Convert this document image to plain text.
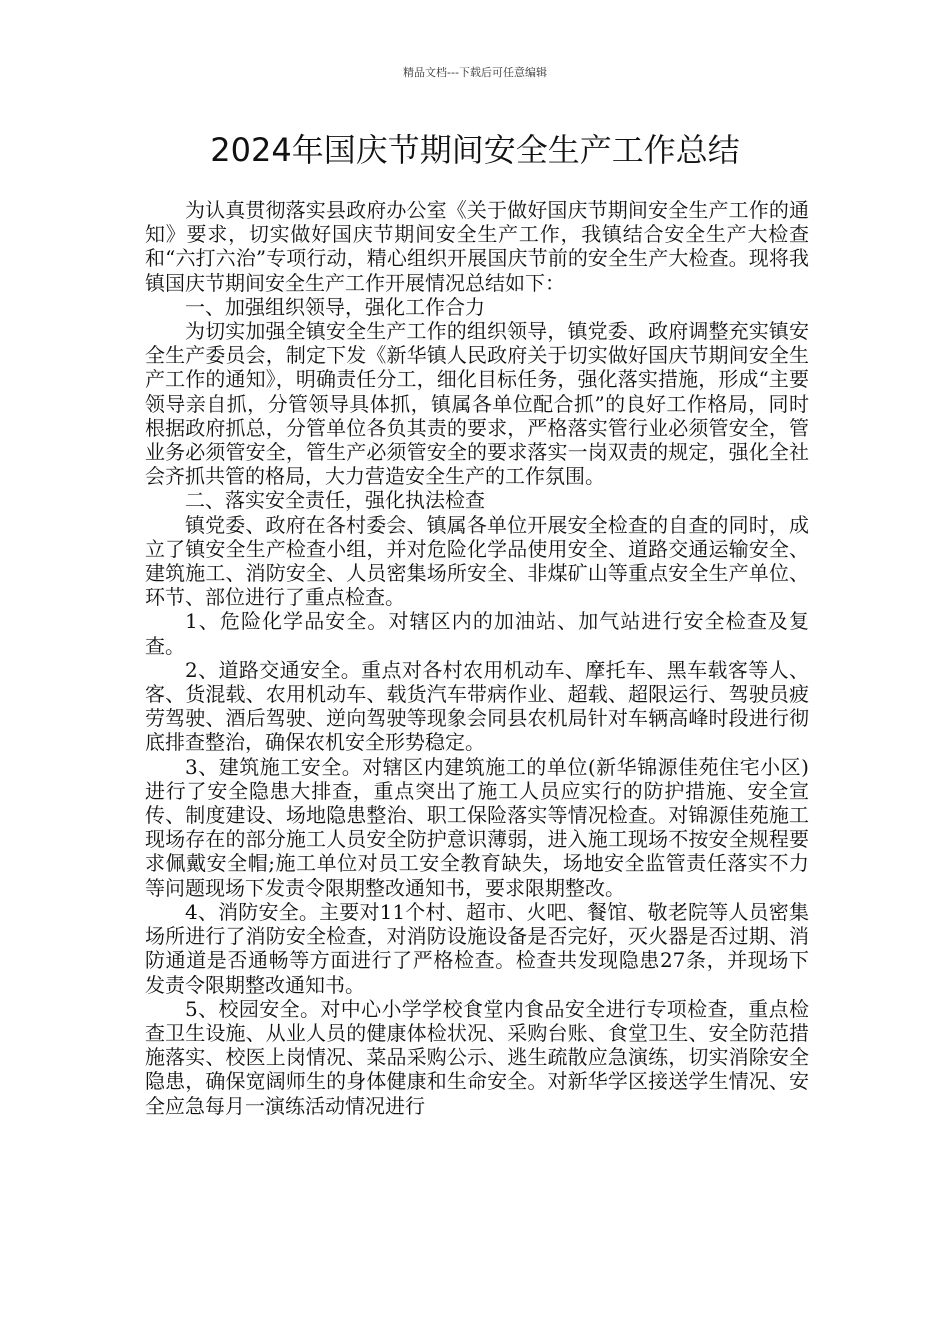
精品文档---下载后可任意编辑
2024年国庆节期间安全生产工作总结

为认真贯彻落实县政府办公室《关于做好国庆节期间安全生产工作的通知》要求，切实做好国庆节期间安全生产工作，我镇结合安全生产大检查和“六打六治”专项行动，精心组织开展国庆节前的安全生产大检查。现将我镇国庆节期间安全生产工作开展情况总结如下：

一、加强组织领导，强化工作合力

为切实加强全镇安全生产工作的组织领导，镇党委、政府调整充实镇安全生产委员会，制定下发《新华镇人民政府关于切实做好国庆节期间安全生产工作的通知》，明确责任分工，细化目标任务，强化落实措施，形成“主要领导亲自抓，分管领导具体抓，镇属各单位配合抓”的良好工作格局，同时根据政府抓总，分管单位各负其责的要求，严格落实管行业必须管安全，管业务必须管安全，管生产必须管安全的要求落实一岗双责的规定，强化全社会齐抓共管的格局，大力营造安全生产的工作氛围。

二、落实安全责任，强化执法检查

镇党委、政府在各村委会、镇属各单位开展安全检查的自查的同时，成立了镇安全生产检查小组，并对危险化学品使用安全、道路交通运输安全、建筑施工、消防安全、人员密集场所安全、非煤矿山等重点安全生产单位、环节、部位进行了重点检查。

1、危险化学品安全。对辖区内的加油站、加气站进行安全检查及复查。

2、道路交通安全。重点对各村农用机动车、摩托车、黑车载客等人、客、货混载、农用机动车、载货汽车带病作业、超载、超限运行、驾驶员疲劳驾驶、酒后驾驶、逆向驾驶等现象会同县农机局针对车辆高峰时段进行彻底排查整治，确保农机安全形势稳定。

3、建筑施工安全。对辖区内建筑施工的单位(新华锦源佳苑住宅小区)进行了安全隐患大排查，重点突出了施工人员应实行的防护措施、安全宣传、制度建设、场地隐患整治、职工保险落实等情况检查。对锦源佳苑施工现场存在的部分施工人员安全防护意识薄弱，进入施工现场不按安全规程要求佩戴安全帽;施工单位对员工安全教育缺失，场地安全监管责任落实不力等问题现场下发责令限期整改通知书，要求限期整改。

4、消防安全。主要对11个村、超市、火吧、餐馆、敬老院等人员密集场所进行了消防安全检查，对消防设施设备是否完好，灭火器是否过期、消防通道是否通畅等方面进行了严格检查。检查共发现隐患27条，并现场下发责令限期整改通知书。

5、校园安全。对中心小学学校食堂内食品安全进行专项检查，重点检查卫生设施、从业人员的健康体检状况、采购台账、食堂卫生、安全防范措施落实、校医上岗情况、菜品采购公示、逃生疏散应急演练，切实消除安全隐患，确保宽阔师生的身体健康和生命安全。对新华学区接送学生情况、安全应急每月一演练活动情况进行
